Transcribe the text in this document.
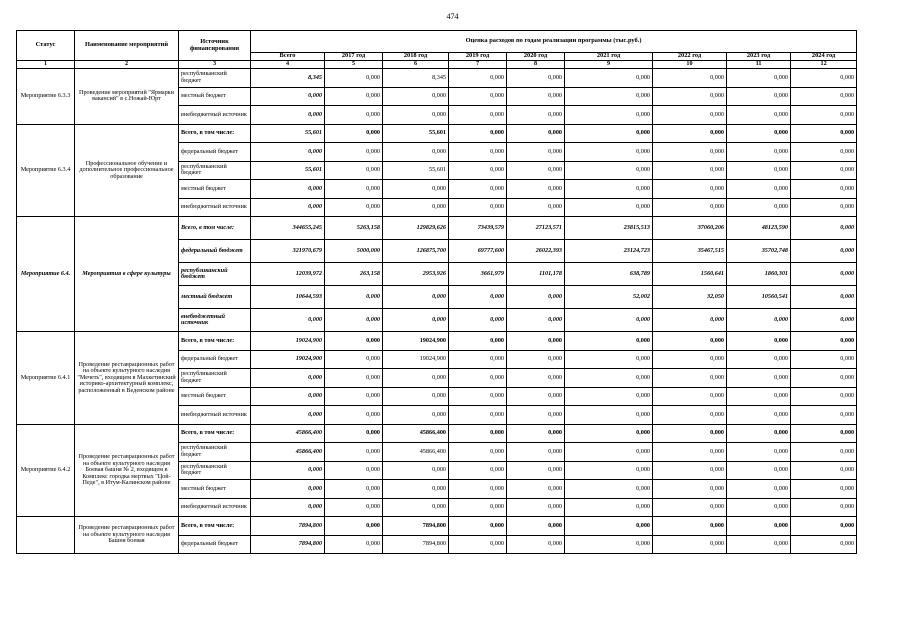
474
Статус	Наименование мероприятий	Источник финансирования	Оценка расходов по годам реализации программы (тыс.руб.)								
			Всего	2017 год	2018 год	2019 год	2020 год	2021 год	2022 год	2023 год	2024 год
1	2	3	4	5	6	7	8	9	10	11	12
Мероприятие 6.3.3	Проведение мероприятий "Ярмарки вакансий" в с.Ножай-Юрт	республиканский бюджет	8,345	0,000	8,345	0,000	0,000	0,000	0,000	0,000	0,000
		местный бюджет	0,000	0,000	0,000	0,000	0,000	0,000	0,000	0,000	0,000
		внебюджетный источник	0,000	0,000	0,000	0,000	0,000	0,000	0,000	0,000	0,000
Мероприятие 6.3.4	Профессиональное обучение и дополнительное профессиональное образование	Всего, в том числе:	55,601	0,000	55,601	0,000	0,000	0,000	0,000	0,000	0,000
		федеральный бюджет	0,000	0,000	0,000	0,000	0,000	0,000	0,000	0,000	0,000
		республиканский бюджет	55,601	0,000	55,601	0,000	0,000	0,000	0,000	0,000	0,000
		местный бюджет	0,000	0,000	0,000	0,000	0,000	0,000	0,000	0,000	0,000
		внебюджетный источник	0,000	0,000	0,000	0,000	0,000	0,000	0,000	0,000	0,000
Мероприятие 6.4.	Мероприятия в сфере культуры	Всего, в том числе:	344655,245	5263,158	129829,626	73439,579	27123,571	23815,513	37060,206	48123,590	0,000
		федеральный бюджет	321970,679	5000,000	126875,700	69777,600	26022,393	23124,723	35467,515	35702,748	0,000
		республиканский бюджет	12039,972	263,158	2953,926	3661,979	1101,178	638,789	1560,641	1860,301	0,000
		местный бюджет	10644,593	0,000	0,000	0,000	0,000	52,002	32,050	10560,541	0,000
		внебюджетный источник	0,000	0,000	0,000	0,000	0,000	0,000	0,000	0,000	0,000
Мероприятие 6.4.1	Проведение реставрационных работ на объекте культурного наследия "Мечеть", входящем в Махкетинский историко-архитектурный комплекс, расположенный в Веденском районе	Всего, в том числе:	19024,900	0,000	19024,900	0,000	0,000	0,000	0,000	0,000	0,000
		федеральный бюджет	19024,900	0,000	19024,900	0,000	0,000	0,000	0,000	0,000	0,000
		республиканский бюджет	0,000	0,000	0,000	0,000	0,000	0,000	0,000	0,000	0,000
		местный бюджет	0,000	0,000	0,000	0,000	0,000	0,000	0,000	0,000	0,000
		внебюджетный источник	0,000	0,000	0,000	0,000	0,000	0,000	0,000	0,000	0,000
Мероприятие 6.4.2	Проведение реставрационных работ на объекте культурного наследия Боевая башня № 2, входящем в Комплекс городка мертвых "Цой-Педе", в Итум-Калинском районе	Всего, в том числе:	45866,400	0,000	45866,400	0,000	0,000	0,000	0,000	0,000	0,000
		республиканский бюджет	45866,400	0,000	45866,400	0,000	0,000	0,000	0,000	0,000	0,000
		республиканский бюджет	0,000	0,000	0,000	0,000	0,000	0,000	0,000	0,000	0,000
		местный бюджет	0,000	0,000	0,000	0,000	0,000	0,000	0,000	0,000	0,000
		внебюджетный источник	0,000	0,000	0,000	0,000	0,000	0,000	0,000	0,000	0,000
	Проведение реставрационных работ на объекте культурного наследия Башня боевая	Всего, в том числе:	7894,800	0,000	7894,800	0,000	0,000	0,000	0,000	0,000	0,000
		федеральный бюджет	7894,800	0,000	7894,800	0,000	0,000	0,000	0,000	0,000	0,000
